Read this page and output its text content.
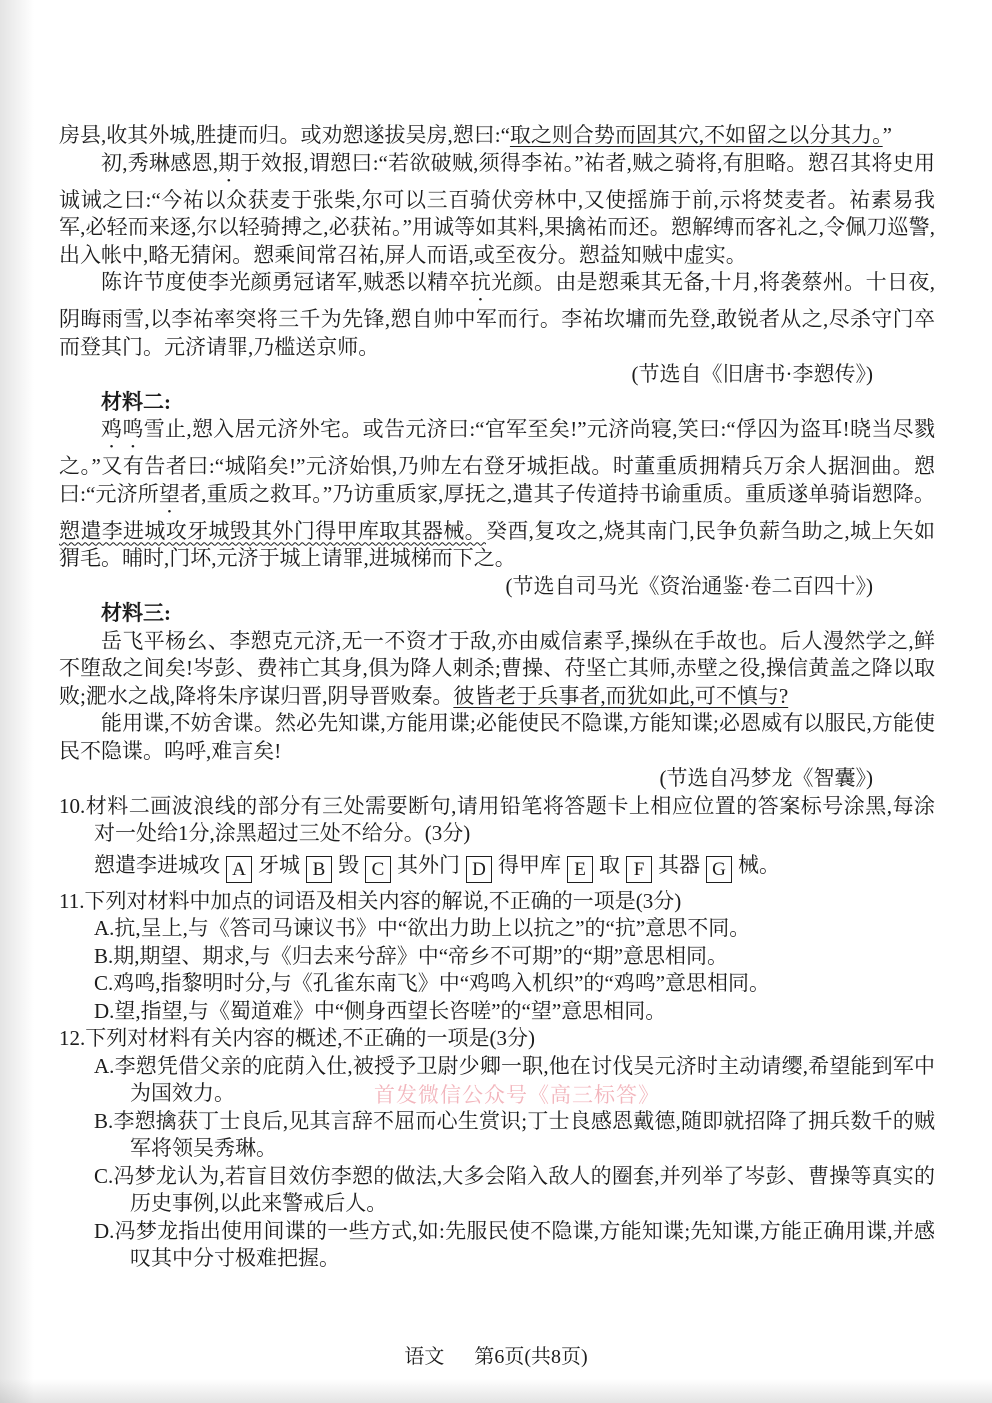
房县,收其外城,胜捷而归。或劝愬遂拔吴房,愬曰:“取之则合势而固其穴,不如留之以分其力。”

初,秀琳感恩,期于效报,谓愬曰:“若欲破贼,须得李祐。”祐者,贼之骑将,有胆略。愬召其将史用诚诫之曰:“今祐以众获麦于张柴,尔可以三百骑伏旁林中,又使摇旆于前,示将焚麦者。祐素易我军,必轻而来逐,尔以轻骑搏之,必获祐。”用诚等如其料,果擒祐而还。愬解缚而客礼之,令佩刀巡警,出入帐中,略无猜闲。愬乘间常召祐,屏人而语,或至夜分。愬益知贼中虚实。

陈许节度使李光颜勇冠诸军,贼悉以精卒抗光颜。由是愬乘其无备,十月,将袭蔡州。十日夜,阴晦雨雪,以李祐率突将三千为先锋,愬自帅中军而行。李祐坎墉而先登,敢锐者从之,尽杀守门卒而登其门。元济请罪,乃槛送京师。

(节选自《旧唐书·李愬传》)

材料二:

鸡鸣雪止,愬入居元济外宅。或告元济曰:“官军至矣!”元济尚寝,笑曰:“俘囚为盗耳!晓当尽戮之。”又有告者曰:“城陷矣!”元济始惧,乃帅左右登牙城拒战。时董重质拥精兵万余人据洄曲。愬曰:“元济所望者,重质之救耳。”乃访重质家,厚抚之,遣其子传道持书谕重质。重质遂单骑诣愬降。愬遣李进城攻牙城毁其外门得甲库取其器械。癸酉,复攻之,烧其南门,民争负薪刍助之,城上矢如猬毛。晡时,门坏,元济于城上请罪,进城梯而下之。

(节选自司马光《资治通鉴·卷二百四十》)

材料三:

岳飞平杨幺、李愬克元济,无一不资才于敌,亦由威信素孚,操纵在手故也。后人漫然学之,鲜不堕敌之间矣!岑彭、费祎亡其身,俱为降人刺杀;曹操、苻坚亡其师,赤壁之役,操信黄盖之降以取败;淝水之战,降将朱序谋归晋,阴导晋败秦。彼皆老于兵事者,而犹如此,可不慎与?

能用谍,不妨舍谍。然必先知谍,方能用谍;必能使民不隐谍,方能知谍;必恩威有以服民,方能使民不隐谍。呜呼,难言矣!

(节选自冯梦龙《智囊》)

10.材料二画波浪线的部分有三处需要断句,请用铅笔将答题卡上相应位置的答案标号涂黑,每涂对一处给1分,涂黑超过三处不给分。(3分)

愬遣李进城攻 A 牙城 B 毁 C 其外门 D 得甲库 E 取 F 其器 G 械。

11.下列对材料中加点的词语及相关内容的解说,不正确的一项是(3分)

A.抗,呈上,与《答司马谏议书》中“欲出力助上以抗之”的“抗”意思不同。

B.期,期望、期求,与《归去来兮辞》中“帝乡不可期”的“期”意思相同。

C.鸡鸣,指黎明时分,与《孔雀东南飞》中“鸡鸣入机织”的“鸡鸣”意思相同。

D.望,指望,与《蜀道难》中“侧身西望长咨嗟”的“望”意思相同。

12.下列对材料有关内容的概述,不正确的一项是(3分)

A.李愬凭借父亲的庇荫入仕,被授予卫尉少卿一职,他在讨伐吴元济时主动请缨,希望能到军中为国效力。

B.李愬擒获丁士良后,见其言辞不屈而心生赏识;丁士良感恩戴德,随即就招降了拥兵数千的贼军将领吴秀琳。

C.冯梦龙认为,若盲目效仿李愬的做法,大多会陷入敌人的圈套,并列举了岑彭、曹操等真实的历史事例,以此来警戒后人。

D.冯梦龙指出使用间谍的一些方式,如:先服民使不隐谍,方能知谍;先知谍,方能正确用谍,并感叹其中分寸极难把握。

首发微信公众号《高三标答》
语文 第6页(共8页)
